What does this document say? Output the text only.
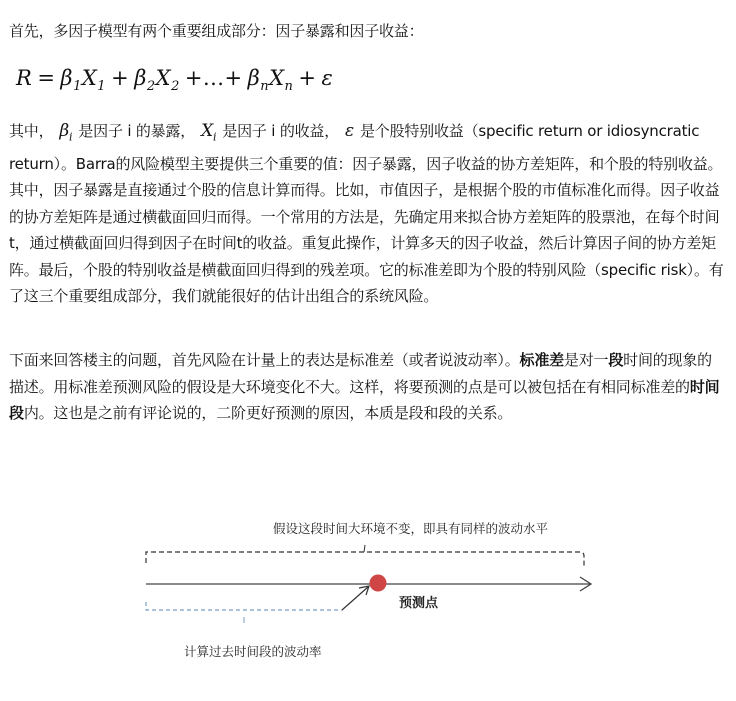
首先，多因子模型有两个重要组成部分：因子暴露和因子收益：
$R = \beta_1X_1 + \beta_2X_2$ +...+ $\beta_nX_n + \varepsilon$
其中， $\beta_i$ 是因子 i 的暴露， $X_i$ 是因子 i 的收益， ε 是个股特别收益（specific return or idiosyncratic return）。Barra的风险模型主要提供三个重要的值：因子暴露，因子收益的协方差矩阵，和个股的特别收益。其中，因子暴露是直接通过个股的信息计算而得。比如，市值因子，是根据个股的市值标准化而得。因子收益的协方差矩阵是通过横截面回归而得。一个常用的方法是，先确定用来拟合协方差矩阵的股票池，在每个时间t，通过横截面回归得到因子在时间t的收益。重复此操作，计算多天的因子收益，然后计算因子间的协方差矩阵。最后，个股的特别收益是横截面回归得到的残差项。它的标准差即为个股的特别风险（specific risk）。有了这三个重要组成部分，我们就能很好的估计出组合的系统风险。
下面来回答楼主的问题，首先风险在计量上的表达是标准差（或者说波动率）。标准差是对一段时间的现象的描述。用标准差预测风险的假设是大环境变化不大。这样，将要预测的点是可以被包括在有相同标准差的时间段内。这也是之前有评论说的，二阶更好预测的原因，本质是段和段的关系。
假设这段时间大环境不变，即具有同样的波动水平
预测点
计算过去时间段的波动率
